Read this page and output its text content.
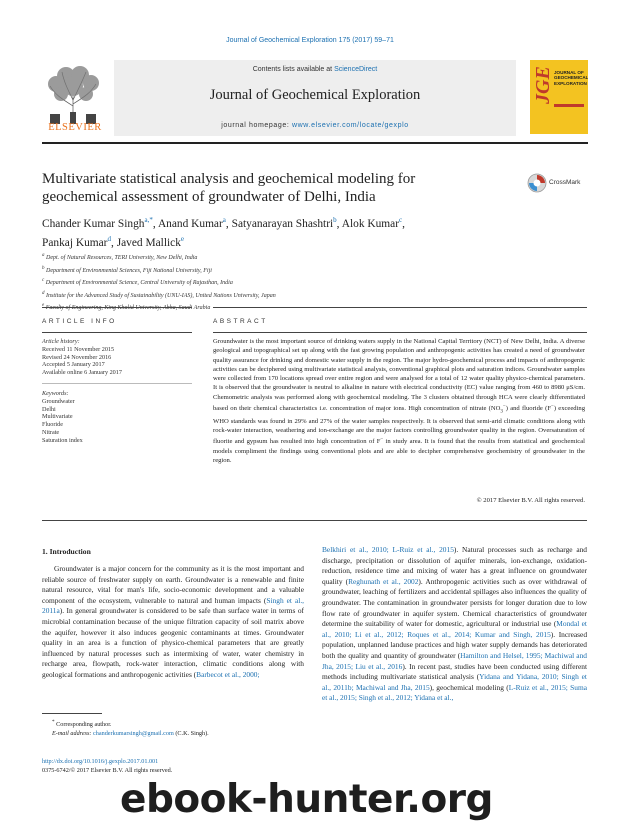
Journal of Geochemical Exploration 175 (2017) 59–71
ELSEVIER
Contents lists available at ScienceDirect
Journal of Geochemical Exploration
journal homepage: www.elsevier.com/locate/gexplo
JGE JOURNAL OF GEOCHEMICAL EXPLORATION
Multivariate statistical analysis and geochemical modeling for
geochemical assessment of groundwater of Delhi, India
CrossMark
Chander Kumar Singh$^{a,*}$, Anand Kumar$^a$, Satyanarayan Shashtri$^b$, Alok Kumar$^c$,
Pankaj Kumar$^d$, Javed Mallick$^e$
$^a$ Dept. of Natural Resources, TERI University, New Delhi, India
$^b$ Department of Environmental Sciences, Fiji National University, Fiji
$^c$ Department of Environmental Science, Central University of Rajasthan, India
$^d$ Institute for the Advanced Study of Sustainability (UNU-IAS), United Nations University, Japan
$^e$ Faculty of Engineering, King Khalid University, Abha, Saudi Arabia
ARTICLE INFO	ABSTRACT
Article history:
Received 11 November 2015
Revised 24 November 2016
Accepted 5 January 2017
Available online 6 January 2017
Keywords:
Groundwater
Delhi
Multivariate
Fluoride
Nitrate
Saturation index
Groundwater is the most important source of drinking waters supply in the National Capital Territory (NCT) of New Delhi, India. A diverse geological and topographical set up along with the fast growing population and anthropogenic activities has created a need of groundwater quality assurance for drinking and domestic water supply in the region. The major hydro-geochemical process and impacts of anthropogenic activities can be deciphered using multivariate statistical analysis, conventional graphical plots and saturation indices. Groundwater samples were collected from 170 locations spread over entire region and were analysed for a total of 12 water quality physico-chemical parameters. It is observed that the groundwater is neutral to alkaline in nature with electrical conductivity (EC) value ranging from 460 to 8980 μS/cm. Chemometric analysis was performed along with geochemical modeling. The 3 clusters obtained through HCA were clearly differentiated based on their chemical characteristics i.e. concentration of major ions. High concentration of nitrate $(NO_3^-)$ and fluoride (F−) exceeding WHO standards was found in 29% and 27% of the water samples respectively. It is observed that semi-arid climatic conditions along with rock-water interaction, weathering and ion-exchange are the major factors controlling groundwater quality in the region. Oversaturation of fluorite and gypsum has resulted into high concentration of F− in study area. It is found that the results from statistical and geochemical models compliment the findings using conventional plots and are able to decipher comprehensive geochemistry of groundwater in the region.
© 2017 Elsevier B.V. All rights reserved.
1. Introduction
Groundwater is a major concern for the community as it is the most important and reliable source of freshwater supply on earth. Groundwater is a renewable and finite natural resource, vital for man's life, socio-economic development and a valuable component of the ecosystem, vulnerable to natural and human impacts (Singh et al., 2011a). In general groundwater is considered to be safe than surface water in terms of microbial contamination because of the unique filtration capacity of soil matrix above the aquifer, however it also induces geogenic contaminants at times. Groundwater quality in an area is a function of physico-chemical parameters that are greatly influenced by natural processes such as intermixing of water, water chemistry in recharge area, flowpath, rock-water interaction, climatic conditions along with geological formations and anthropogenic activities (Barbecot et al., 2000;
Belkhiri et al., 2010; L-Ruiz et al., 2015). Natural processes such as recharge and discharge, precipitation or dissolution of aquifer minerals, ion-exchange, oxidation-reduction, residence time and mixing of water has a great influence on groundwater quality (Reghunath et al., 2002). Anthropogenic activities such as over withdrawal of groundwater, leaching of fertilizers and accidental spillages also influences the quality of groundwater. The contamination in groundwater persists for longer duration due to low flow rate of groundwater in aquifer system. Chemical characteristics of groundwater determine the suitability of water for domestic, agricultural or industrial use (Mondal et al., 2010; Li et al., 2012; Roques et al., 2014; Kumar and Singh, 2015). Increased population, unplanned landuse practices and high water supply demands has deteriorated both the quality and quantity of groundwater (Hamilton and Helsel, 1995; Machiwal and Jha, 2015; Liu et al., 2016). In recent past, studies have been conducted using different methods including multivariate statistical analysis (Yidana and Yidana, 2010; Singh et al., 2011b; Machiwal and Jha, 2015), geochemical modeling (L-Ruiz et al., 2015; Suma et al., 2015; Singh et al., 2012; Yidana et al.,
* Corresponding author.
E-mail address: chanderkumarsingh@gmail.com (C.K. Singh).
http://dx.doi.org/10.1016/j.gexplo.2017.01.001
0375-6742/© 2017 Elsevier B.V. All rights reserved.
ebook-hunter.org
